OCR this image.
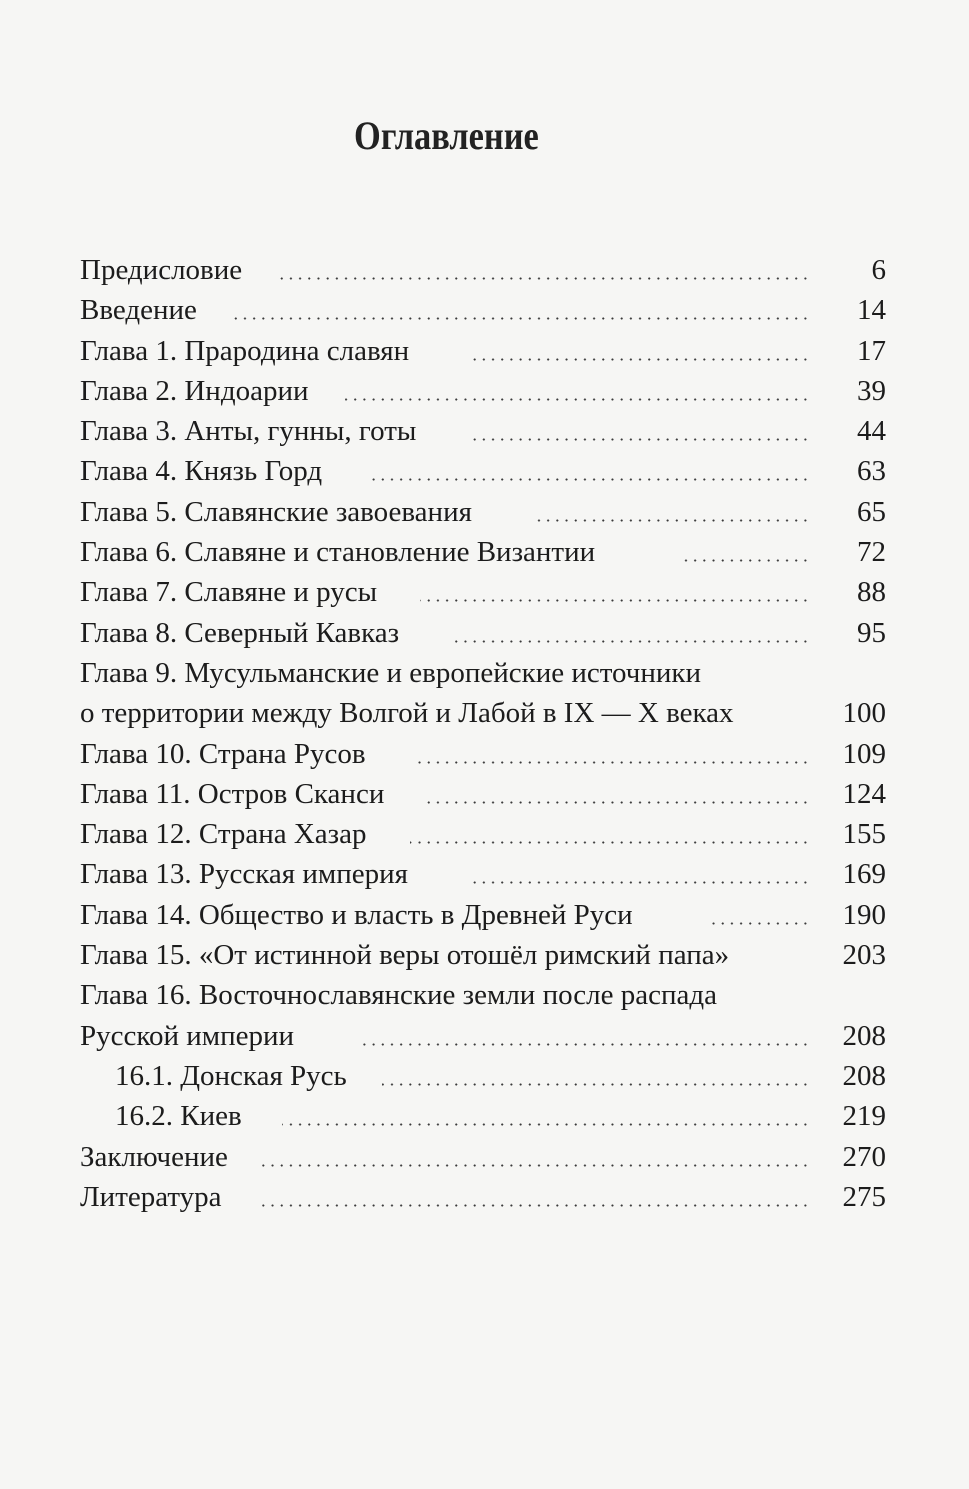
Оглавление
Предисловие	6
Введение	14
Глава 1. Прародина славян	17
Глава 2. Индоарии	39
Глава 3. Анты, гунны, готы	44
Глава 4. Князь Горд	63
Глава 5. Славянские завоевания	65
Глава 6. Славяне и становление Византии	72
Глава 7. Славяне и русы	88
Глава 8. Северный Кавказ	95
Глава 9. Мусульманские и европейские источники
о территории между Волгой и Лабой в IX — X веках	100
Глава 10. Страна Русов	109
Глава 11. Остров Сканси	124
Глава 12. Страна Хазар	155
Глава 13. Русская империя	169
Глава 14. Общество и власть в Древней Руси	190
Глава 15. «От истинной веры отошёл римский папа»	203
Глава 16. Восточнославянские земли после распада
Русской империи	208
16.1. Донская Русь	208
16.2. Киев	219
Заключение	270
Литература	275
